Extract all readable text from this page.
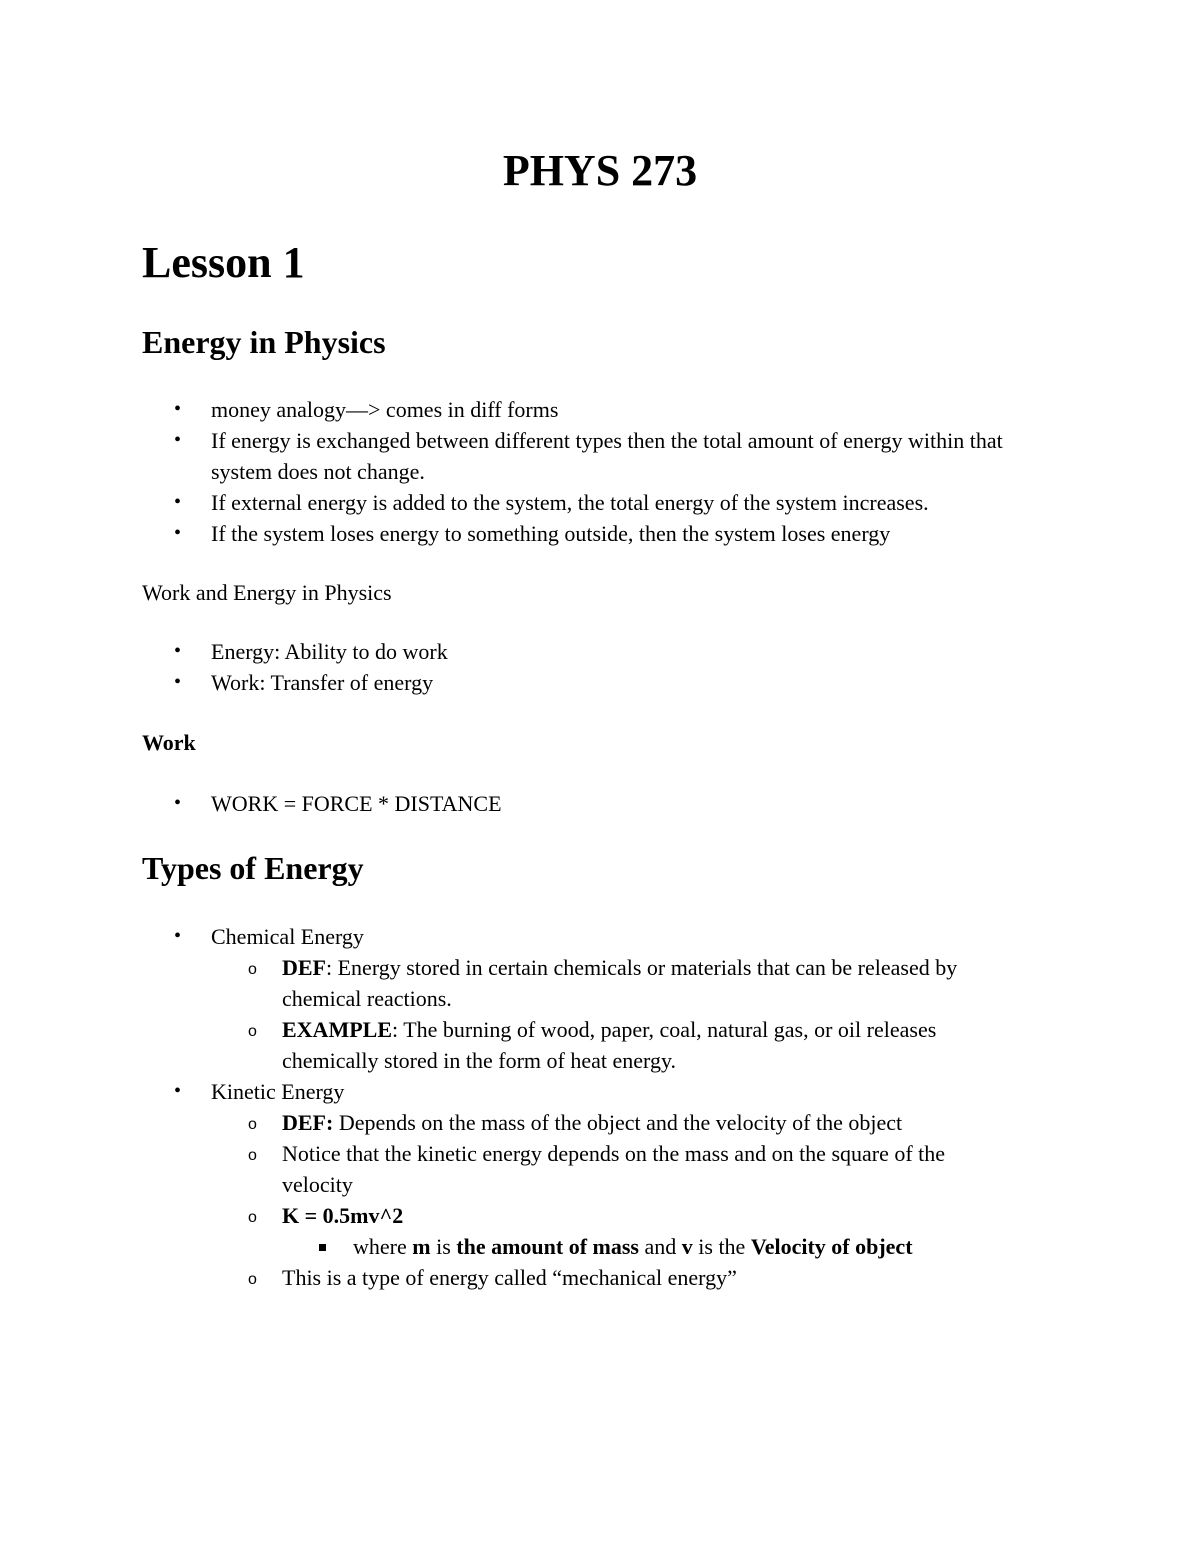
PHYS 273
Lesson 1
Energy in Physics
• money analogy—> comes in diff forms
• If energy is exchanged between different types then the total amount of energy within that system does not change.
• If external energy is added to the system, the total energy of the system increases.
• If the system loses energy to something outside, then the system loses energy

Work and Energy in Physics

• Energy: Ability to do work
• Work: Transfer of energy

Work

• WORK = FORCE * DISTANCE
Types of Energy
• Chemical Energy
o DEF: Energy stored in certain chemicals or materials that can be released by chemical reactions.
o EXAMPLE: The burning of wood, paper, coal, natural gas, or oil releases chemically stored in the form of heat energy.
• Kinetic Energy
o DEF: Depends on the mass of the object and the velocity of the object
o Notice that the kinetic energy depends on the mass and on the square of the velocity
o K = 0.5mv^2
where m is the amount of mass and v is the Velocity of object
o This is a type of energy called “mechanical energy”
